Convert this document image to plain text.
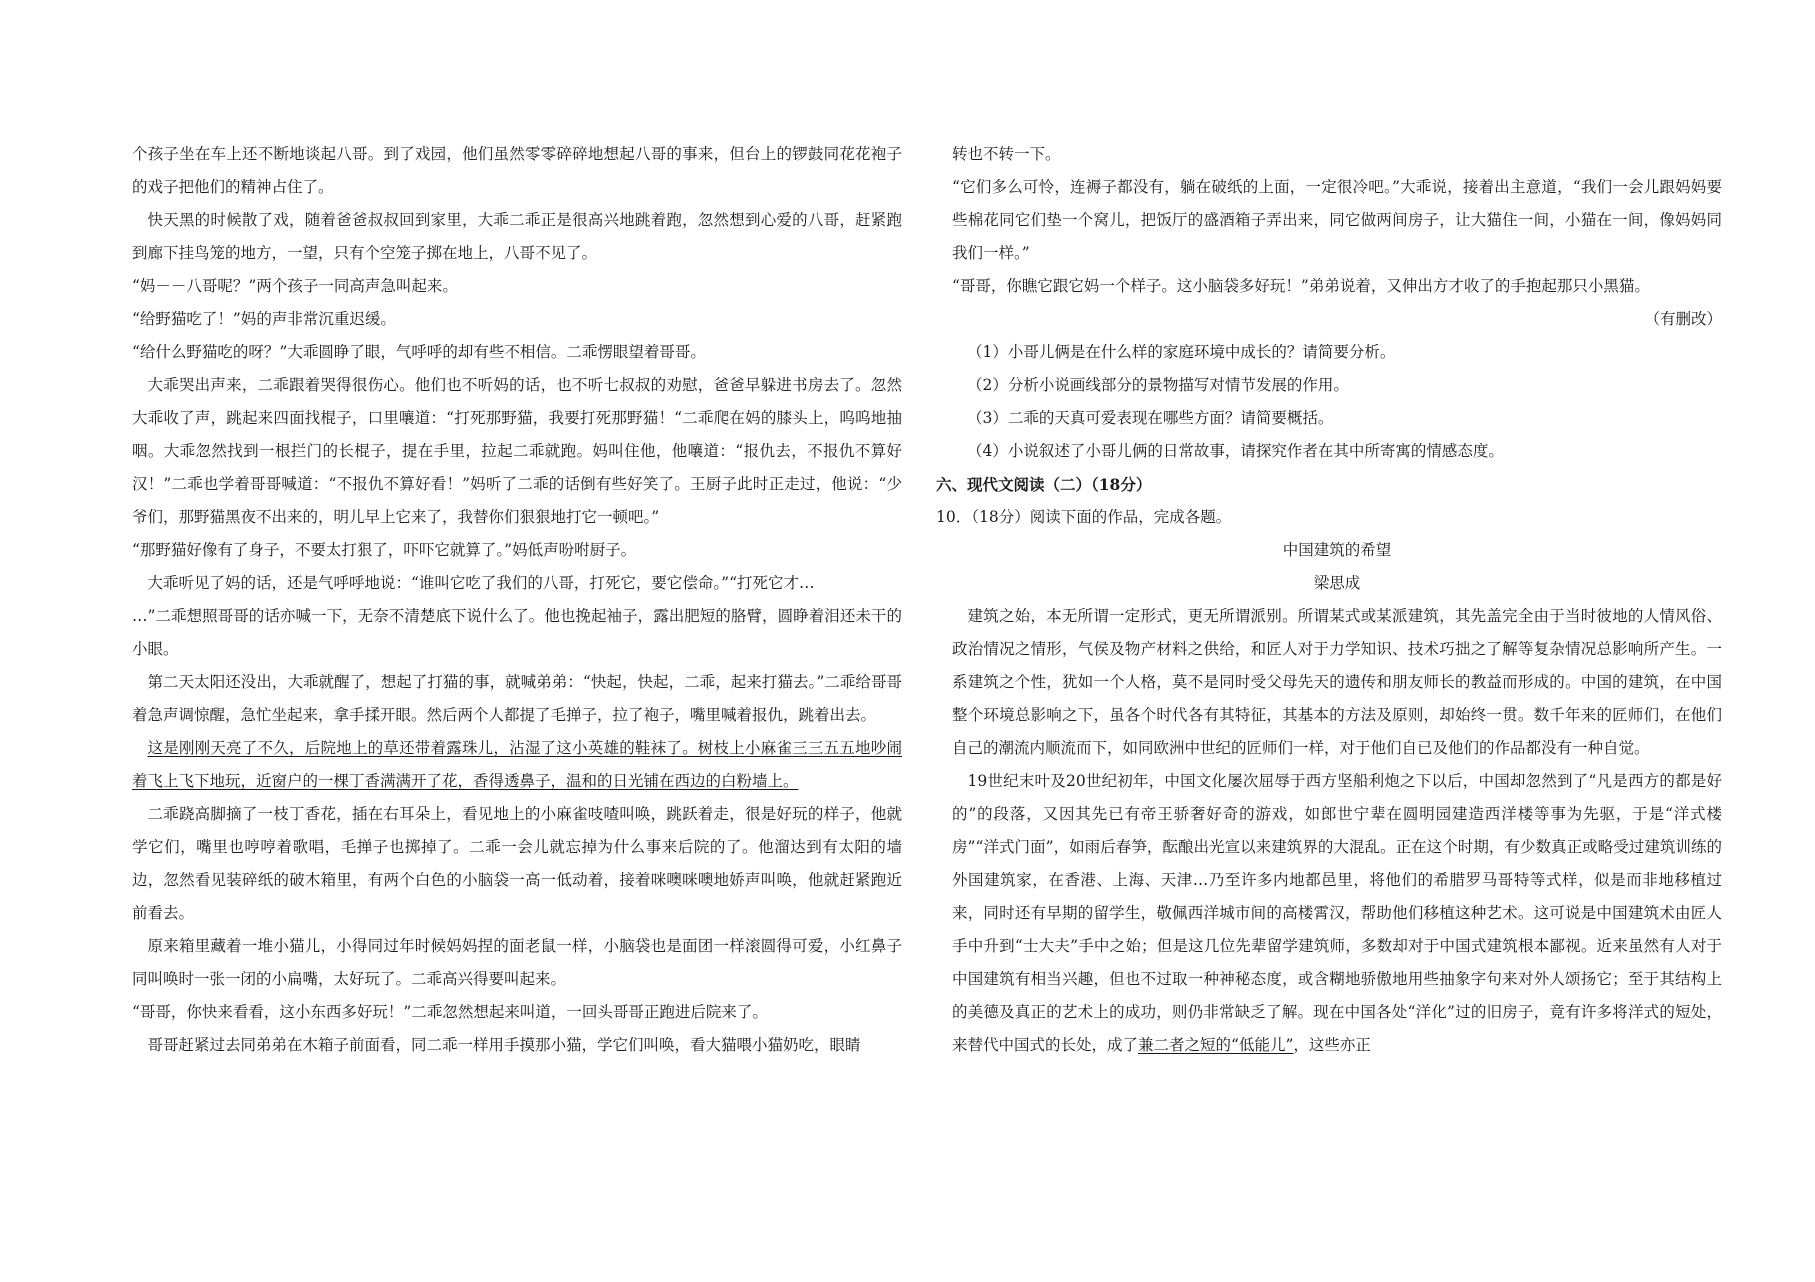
个孩子坐在车上还不断地谈起八哥。到了戏园，他们虽然零零碎碎地想起八哥的事来，但台上的锣鼓同花花袍子的戏子把他们的精神占住了。

快天黑的时候散了戏，随着爸爸叔叔回到家里，大乖二乖正是很高兴地跳着跑，忽然想到心爱的八哥，赶紧跑到廊下挂鸟笼的地方，一望，只有个空笼子掷在地上，八哥不见了。

“妈－－八哥呢？”两个孩子一同高声急叫起来。

“给野猫吃了！”妈的声非常沉重迟缓。

“给什么野猫吃的呀？”大乖圆睁了眼，气呼呼的却有些不相信。二乖愣眼望着哥哥。

大乖哭出声来，二乖跟着哭得很伤心。他们也不听妈的话，也不听七叔叔的劝慰，爸爸早躲进书房去了。忽然大乖收了声，跳起来四面找棍子，口里嚷道：“打死那野猫，我要打死那野猫！“二乖爬在妈的膝头上，呜呜地抽咽。大乖忽然找到一根拦门的长棍子，提在手里，拉起二乖就跑。妈叫住他，他嚷道：“报仇去，不报仇不算好汉！”二乖也学着哥哥喊道：“不报仇不算好看！”妈听了二乖的话倒有些好笑了。王厨子此时正走过，他说：“少爷们，那野猫黑夜不出来的，明儿早上它来了，我替你们狠狠地打它一顿吧。”

“那野猫好像有了身子，不要太打狠了，吓吓它就算了。”妈低声吩咐厨子。

大乖听见了妈的话，还是气呼呼地说：“谁叫它吃了我们的八哥，打死它，要它偿命。”“打死它才…

…”二乖想照哥哥的话亦喊一下，无奈不清楚底下说什么了。他也挽起袖子，露出肥短的胳臂，圆睁着泪还未干的小眼。

第二天太阳还没出，大乖就醒了，想起了打猫的事，就喊弟弟：“快起，快起，二乖，起来打猫去。”二乖给哥哥着急声调惊醒，急忙坐起来，拿手揉开眼。然后两个人都提了毛掸子，拉了袍子，嘴里喊着报仇，跳着出去。

这是刚刚天亮了不久，后院地上的草还带着露珠儿，沾湿了这小英雄的鞋袜了。树枝上小麻雀三三五五地吵闹着飞上飞下地玩，近窗户的一棵丁香满满开了花，香得透鼻子，温和的日光铺在西边的白粉墙上。

二乖跷高脚摘了一枝丁香花，插在右耳朵上，看见地上的小麻雀吱喳叫唤，跳跃着走，很是好玩的样子，他就学它们，嘴里也哼哼着歌唱，毛掸子也掷掉了。二乖一会儿就忘掉为什么事来后院的了。他溜达到有太阳的墙边，忽然看见装碎纸的破木箱里，有两个白色的小脑袋一高一低动着，接着咪噢咪噢地娇声叫唤，他就赶紧跑近前看去。

原来箱里藏着一堆小猫儿，小得同过年时候妈妈捏的面老鼠一样，小脑袋也是面团一样滚圆得可爱，小红鼻子同叫唤时一张一闭的小扁嘴，太好玩了。二乖高兴得要叫起来。

“哥哥，你快来看看，这小东西多好玩！”二乖忽然想起来叫道，一回头哥哥正跑进后院来了。

哥哥赶紧过去同弟弟在木箱子前面看，同二乖一样用手摸那小猫，学它们叫唤，看大猫喂小猫奶吃，眼睛

转也不转一下。

“它们多么可怜，连褥子都没有，躺在破纸的上面，一定很冷吧。”大乖说，接着出主意道，“我们一会儿跟妈妈要些棉花同它们垫一个窝儿，把饭厅的盛酒箱子弄出来，同它做两间房子，让大猫住一间，小猫在一间，像妈妈同我们一样。”

“哥哥，你瞧它跟它妈一个样子。这小脑袋多好玩！”弟弟说着，又伸出方才收了的手抱起那只小黑猫。

（有删改）

（1）小哥儿俩是在什么样的家庭环境中成长的？请简要分析。

（2）分析小说画线部分的景物描写对情节发展的作用。

（3）二乖的天真可爱表现在哪些方面？请简要概括。

（4）小说叙述了小哥儿俩的日常故事，请探究作者在其中所寄寓的情感态度。

六、现代文阅读（二）（18分）

10．（18分）阅读下面的作品，完成各题。

中国建筑的希望

梁思成

建筑之始，本无所谓一定形式，更无所谓派别。所谓某式或某派建筑，其先盖完全由于当时彼地的人情风俗、政治情况之情形，气侯及物产材料之供给，和匠人对于力学知识、技术巧拙之了解等复杂情况总影响所产生。一系建筑之个性，犹如一个人格，莫不是同时受父母先天的遗传和朋友师长的教益而形成的。中国的建筑，在中国整个环境总影响之下，虽各个时代各有其特征，其基本的方法及原则，却始终一贯。数千年来的匠师们，在他们自己的潮流内顺流而下，如同欧洲中世纪的匠师们一样，对于他们自已及他们的作品都没有一种自觉。

19世纪末叶及20世纪初年，中国文化屡次屈辱于西方坚船利炮之下以后，中国却忽然到了“凡是西方的都是好的”的段落，又因其先已有帝王骄奢好奇的游戏，如郎世宁辈在圆明园建造西洋楼等事为先驱，于是“洋式楼房”“洋式门面”，如雨后春笋，酝酿出光宣以来建筑界的大混乱。正在这个时期，有少数真正或略受过建筑训练的外国建筑家，在香港、上海、天津…乃至许多内地都邑里，将他们的希腊罗马哥特等式样，似是而非地移植过来，同时还有早期的留学生，敬佩西洋城市间的高楼霄汉，帮助他们移植这种艺术。这可说是中国建筑术由匠人手中升到“士大夫”手中之始；但是这几位先辈留学建筑师，多数却对于中国式建筑根本鄙视。近来虽然有人对于中国建筑有相当兴趣，但也不过取一种神秘态度，或含糊地骄傲地用些抽象字句来对外人颂扬它；至于其结构上的美德及真正的艺术上的成功，则仍非常缺乏了解。现在中国各处“洋化”过的旧房子，竟有许多将洋式的短处，来替代中国式的长处，成了兼二者之短的“低能儿”，这些亦正
